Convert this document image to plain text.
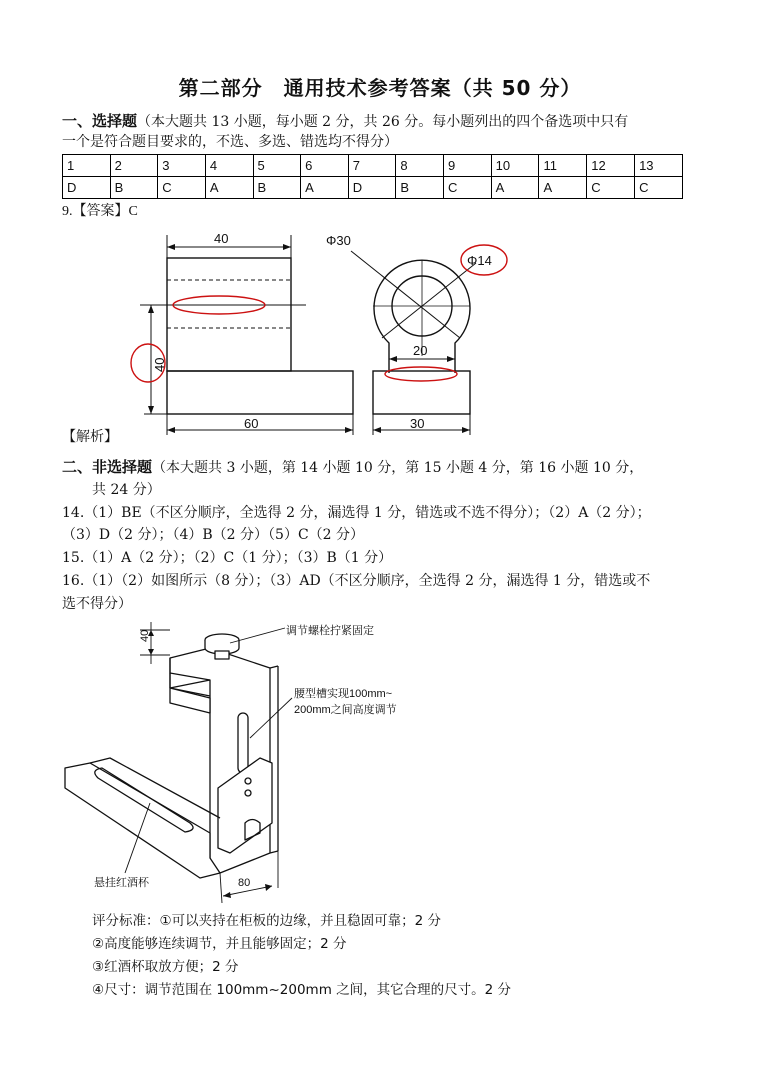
第二部分　通用技术参考答案（共 50 分）
一、选择题（本大题共 13 小题，每小题 2 分，共 26 分。每小题列出的四个备选项中只有
一个是符合题目要求的，不选、多选、错选均不得分）
1	2	3	4	5	6	7	8	9	10	11	12	13
D	B	C	A	B	A	D	B	C	A	A	C	C
9.【答案】C
40	Φ30
Φ14
20
60	30
40
【解析】
二、非选择题（本大题共 3 小题，第 14 小题 10 分，第 15 小题 4 分，第 16 小题 10 分，
共 24 分）
14.（1）BE（不区分顺序，全选得 2 分，漏选得 1 分，错选或不选不得分）；（2）A（2 分）；
（3）D（2 分）；（4）B（2 分）（5）C（2 分）
15.（1）A（2 分）；（2）C（1 分）；（3）B（1 分）
16.（1）（2）如图所示（8 分）；（3）AD（不区分顺序，全选得 2 分，漏选得 1 分，错选或不
选不得分）
40	调节螺栓拧紧固定
腰型槽实现100mm~
200mm之间高度调节
悬挂红酒杯	80
评分标准：①可以夹持在柜板的边缘，并且稳固可靠；2 分
②高度能够连续调节，并且能够固定；2 分
③红酒杯取放方便；2 分
④尺寸：调节范围在 100mm~200mm 之间，其它合理的尺寸。2 分
